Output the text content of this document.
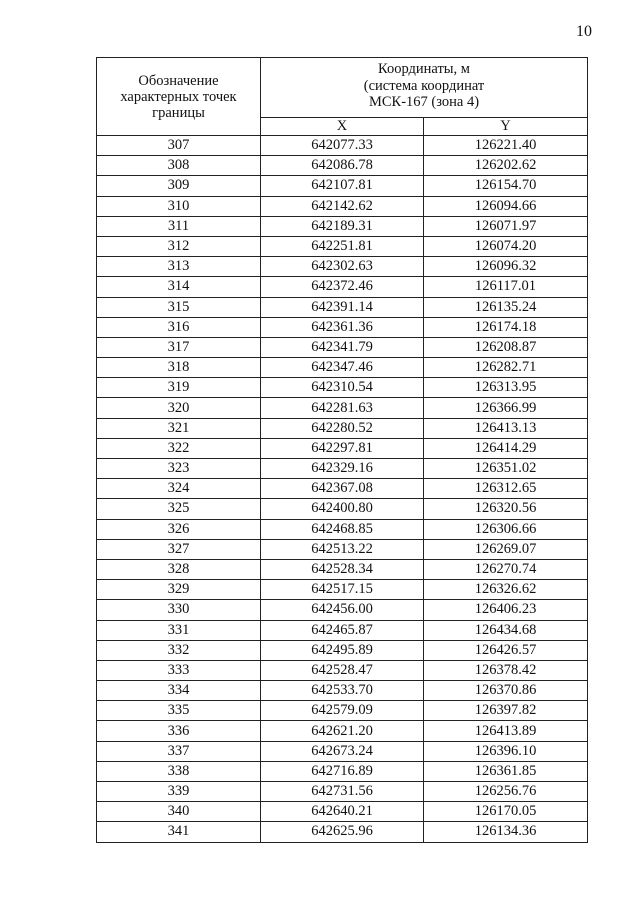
10
Обозначение
характерных точек
границы	Координаты, м
(система координат
МСК-167 (зона 4)	

	X	Y
307	642077.33	126221.40
308	642086.78	126202.62
309	642107.81	126154.70
310	642142.62	126094.66
311	642189.31	126071.97
312	642251.81	126074.20
313	642302.63	126096.32
314	642372.46	126117.01
315	642391.14	126135.24
316	642361.36	126174.18
317	642341.79	126208.87
318	642347.46	126282.71
319	642310.54	126313.95
320	642281.63	126366.99
321	642280.52	126413.13
322	642297.81	126414.29
323	642329.16	126351.02
324	642367.08	126312.65
325	642400.80	126320.56
326	642468.85	126306.66
327	642513.22	126269.07
328	642528.34	126270.74
329	642517.15	126326.62
330	642456.00	126406.23
331	642465.87	126434.68
332	642495.89	126426.57
333	642528.47	126378.42
334	642533.70	126370.86
335	642579.09	126397.82
336	642621.20	126413.89
337	642673.24	126396.10
338	642716.89	126361.85
339	642731.56	126256.76
340	642640.21	126170.05
341	642625.96	126134.36
